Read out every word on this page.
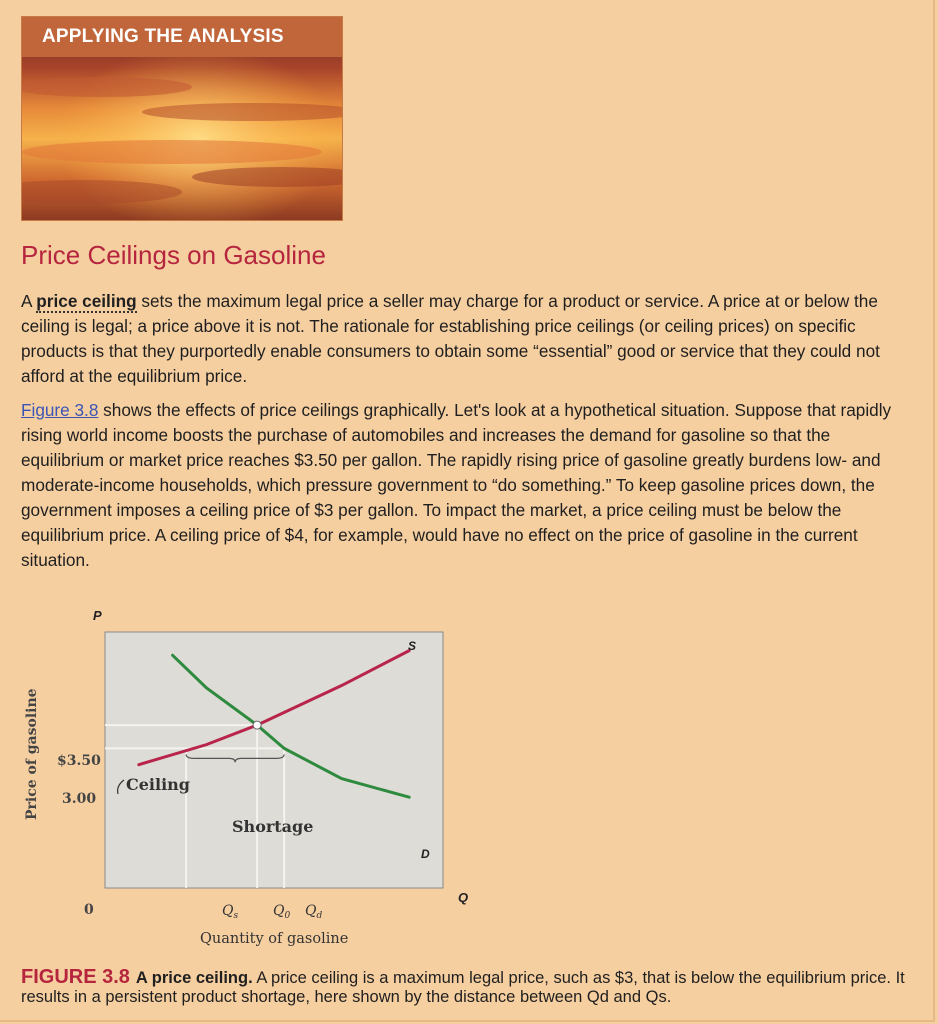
APPLYING THE ANALYSIS
Price Ceilings on Gasoline

A price ceiling sets the maximum legal price a seller may charge for a product or service. A price at or below the ceiling is legal; a price above it is not. The rationale for establishing price ceilings (or ceiling prices) on specific products is that they purportedly enable consumers to obtain some “essential” good or service that they could not afford at the equilibrium price.

Figure 3.8 shows the effects of price ceilings graphically. Let's look at a hypothetical situation. Suppose that rapidly rising world income boosts the purchase of automobiles and increases the demand for gasoline so that the equilibrium or market price reaches $3.50 per gallon. The rapidly rising price of gasoline greatly burdens low- and moderate-income households, which pressure government to “do something.” To keep gasoline prices down, the government imposes a ceiling price of $3 per gallon. To impact the market, a price ceiling must be below the equilibrium price. A ceiling price of $4, for example, would have no effect on the price of gasoline in the current situation.

P
Q
Price of gasoline $3.50
3.00
0
Ceiling
Shortage
S
D
$Q_s$ $Q_0$ $Q_d$
Quantity of gasoline

FIGURE 3.8 A price ceiling. A price ceiling is a maximum legal price, such as $3, that is below the equilibrium price. It results in a persistent product shortage, here shown by the distance between Qd and Qs.
